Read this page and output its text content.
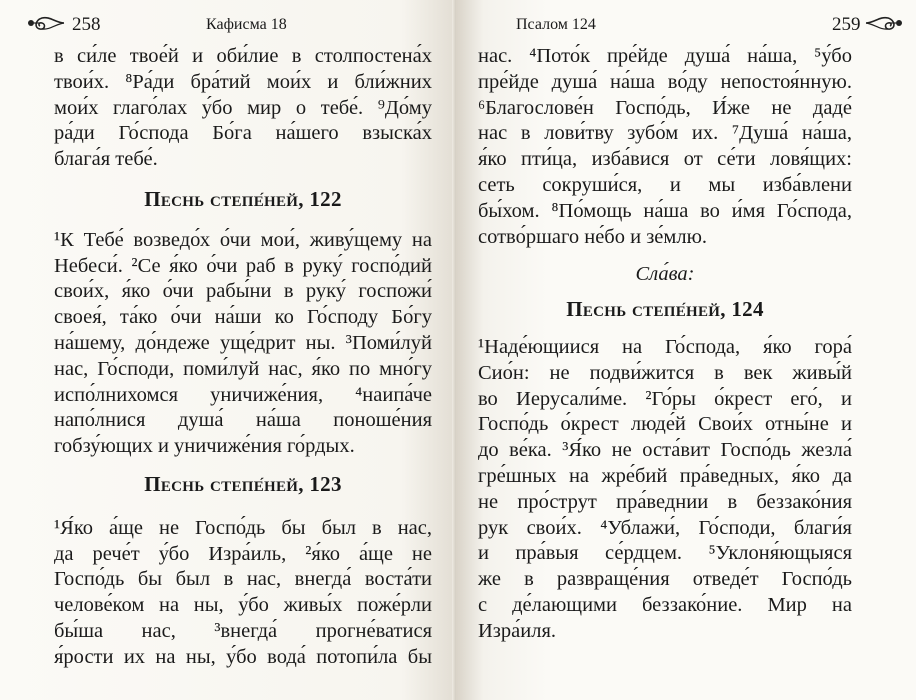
258	Кафисма 18
в си́ле твое́й и оби́лие в столпостена́х
твои́х. ⁸Ра́ди бра́тий мои́х и бли́жних
мои́х глаго́лах у́бо мир о тебе́. ⁹До́му
ра́ди Го́спода Бо́га на́шего взыска́х
блага́я тебе́.
Песнь степе́ней, 122
¹К Тебе́ возведо́х о́чи мои́, живу́щему на
Небеси́. ²Се я́ко о́чи раб в руку́ госпо́дий
свои́х, я́ко о́чи рабы́ни в руку́ госпожи́
своея́, та́ко о́чи на́ши ко Го́споду Бо́гу
на́шему, до́ндеже уще́дрит ны. ³Поми́луй
нас, Го́споди, поми́луй нас, я́ко по мно́гу
испо́лнихомся уничиже́ния, ⁴наипа́че
напо́лнися душа́ на́ша поноше́ния
гобзу́ющих и уничиже́ния го́рдых.
Песнь степе́ней, 123
¹Я́ко а́ще не Госпо́дь бы был в нас,
да рече́т у́бо Изра́иль, ²я́ко а́ще не
Госпо́дь бы был в нас, внегда́ воста́ти
челове́ком на ны, у́бо живы́х поже́рли
бы́ша нас, ³внегда́ прогне́ватися
я́рости их на ны, у́бо вода́ потопи́ла бы
Псалом 124	259
нас. ⁴Пото́к пре́йде душа́ на́ша, ⁵у́бо
пре́йде душа́ на́ша во́ду непостоя́нную.
⁶Благослове́н Госпо́дь, И́же не даде́
нас в лови́тву зубо́м их. ⁷Душа́ на́ша,
я́ко пти́ца, изба́вися от се́ти ловя́щих:
сеть сокруши́ся, и мы изба́влени
бы́хом. ⁸По́мощь на́ша во и́мя Го́спода,
сотво́ршаго не́бо и зе́млю.
Сла́ва:
Песнь степе́ней, 124
¹Наде́ющиися на Го́спода, я́ко гора́
Сио́н: не подви́жится в век живы́й
во Иерусали́ме. ²Го́ры о́крест его́, и
Госпо́дь о́крест люде́й Свои́х отны́не и
до ве́ка. ³Я́ко не оста́вит Госпо́дь жезла́
гре́шных на жре́бий пра́ведных, я́ко да
не про́струт пра́веднии в беззако́ния
рук свои́х. ⁴Ублажи́, Го́споди, благи́я
и пра́выя се́рдцем. ⁵Уклоня́ющыяся
же в развраще́ния отведе́т Госпо́дь
с де́лающими беззако́ние. Мир на
Изра́иля.
